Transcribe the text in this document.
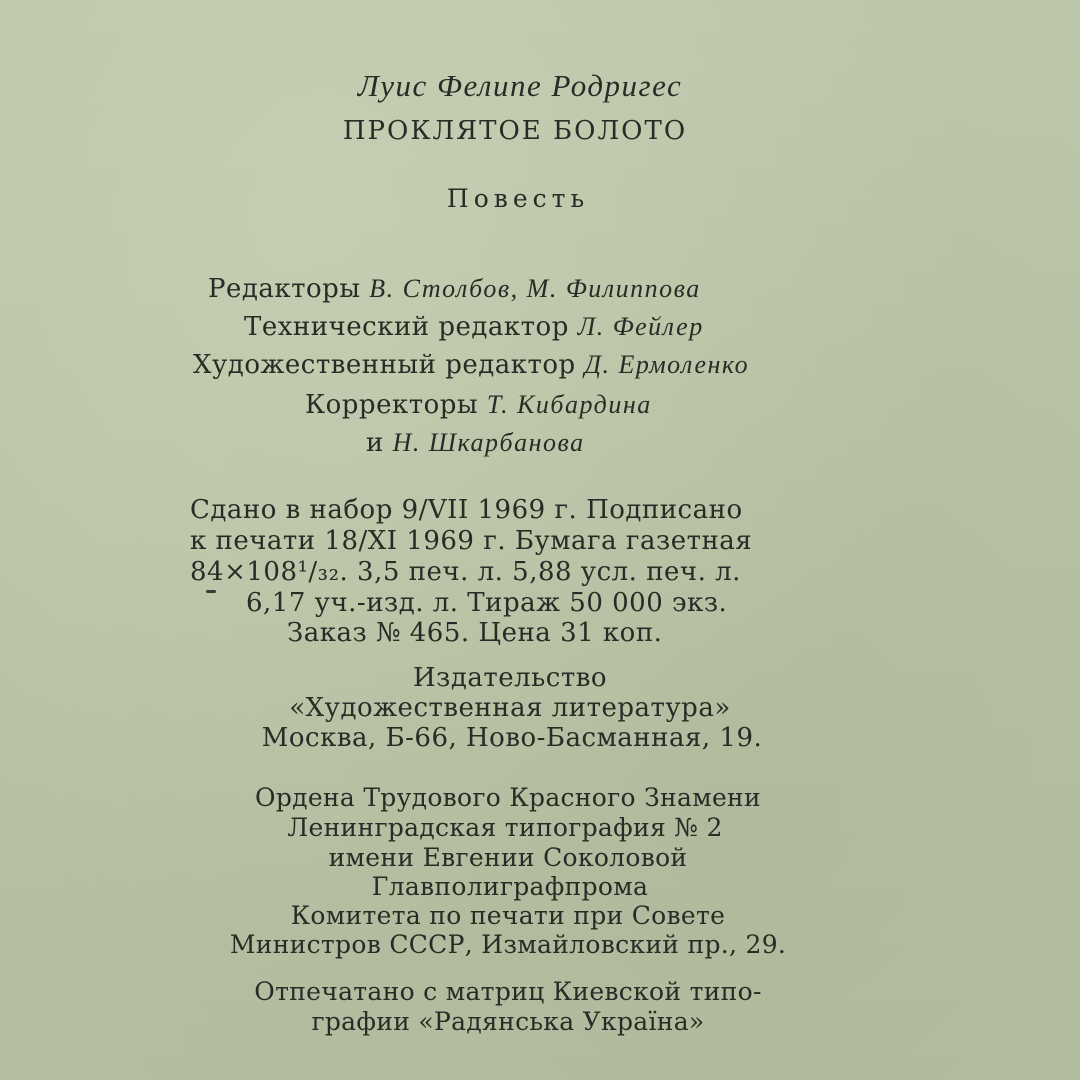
Луис Фелипе Родригес
ПРОКЛЯТОЕ БОЛОТО
Повесть
Редакторы В. Столбов, М. Филиппова
Технический редактор Л. Фейлер
Художественный редактор Д. Ермоленко
Корректоры Т. Кибардина
и Н. Шкарбанова
Сдано в набор 9/VII 1969 г. Подписано
к печати 18/XI 1969 г. Бумага газетная
84×108¹/₃₂. 3,5 печ. л. 5,88 усл. печ. л.
6,17 уч.-изд. л. Тираж 50 000 экз.
Заказ № 465. Цена 31 коп.
Издательство
«Художественная литература»
Москва, Б-66, Ново-Басманная, 19.
Ордена Трудового Красного Знамени
Ленинградская типография № 2
имени Евгении Соколовой
Главполиграфпрома
Комитета по печати при Совете
Министров СССР, Измайловский пр., 29.
Отпечатано с матриц Киевской типо-
графии «Радянська Україна»
